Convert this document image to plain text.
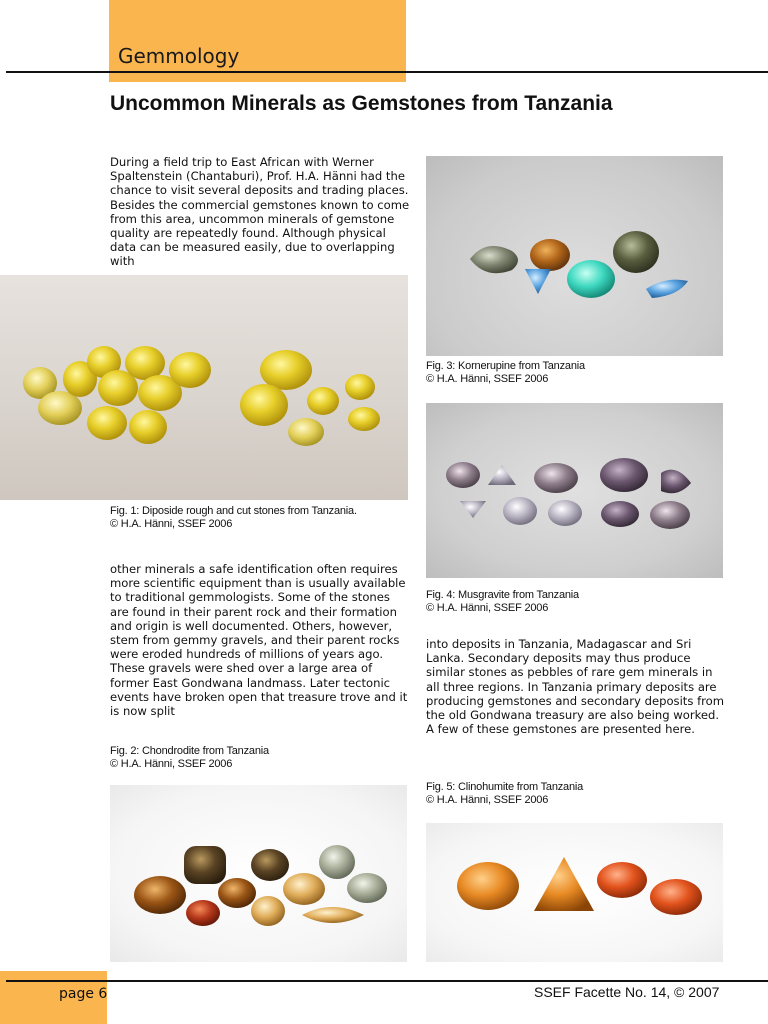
Gemmology
Uncommon Minerals as Gemstones from Tanzania
During a field trip to East African with Werner Spaltenstein (Chantaburi), Prof. H.A. Hänni had the chance to visit several deposits and trading places. Besides the commercial gemstones known to come from this area, uncommon minerals of gemstone quality are repeatedly found. Although physical data can be measured easily, due to overlapping with
other minerals a safe identification often requires more scientific equipment than is usually available to traditional gemmologists. Some of the stones are found in their parent rock and their formation and origin is well documented. Others, however, stem from gemmy gravels, and their parent rocks were eroded hundreds of millions of years ago. These gravels were shed over a large area of former East Gondwana landmass. Later tectonic events have broken open that treasure trove and it is now split
into deposits in Tanzania, Madagascar and Sri Lanka. Secondary deposits may thus produce similar stones as pebbles of rare gem minerals in all three regions. In Tanzania primary deposits are producing gemstones and secondary deposits from the old Gondwana treasury are also being worked. A few of these gemstones are presented here.
Fig. 1: Diposide rough and cut stones from Tanzania.
© H.A. Hänni, SSEF 2006
Fig. 3: Kornerupine from Tanzania
© H.A. Hänni, SSEF 2006
Fig. 4: Musgravite from Tanzania
© H.A. Hänni, SSEF 2006
Fig. 2: Chondrodite from Tanzania
© H.A. Hänni, SSEF 2006
Fig. 5: Clinohumite from Tanzania
© H.A. Hänni, SSEF 2006
page 6	SSEF Facette No. 14, © 2007
